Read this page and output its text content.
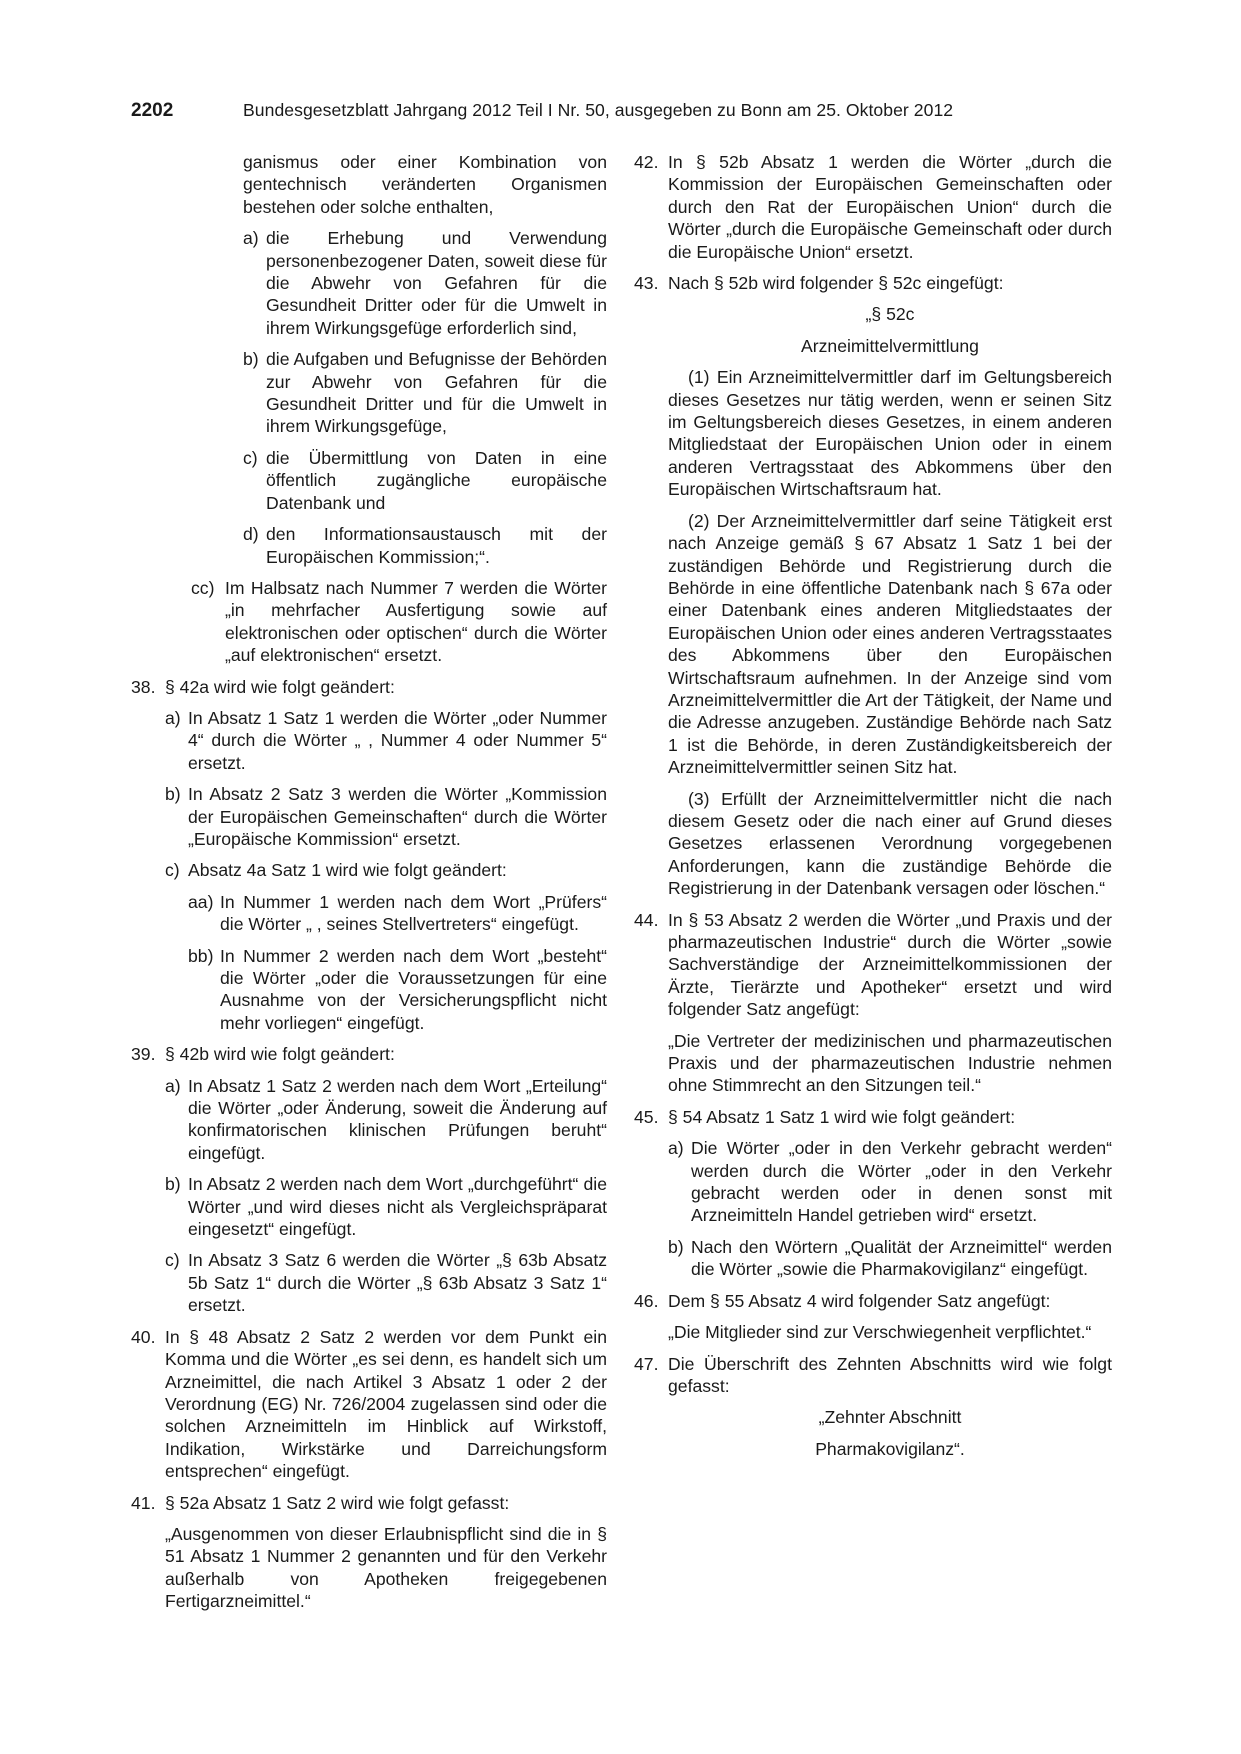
2202	Bundesgesetzblatt Jahrgang 2012 Teil I Nr. 50, ausgegeben zu Bonn am 25. Oktober 2012

ganismus oder einer Kombination von gentechnisch veränderten Organismen bestehen oder solche enthalten,

a) die Erhebung und Verwendung personenbezogener Daten, soweit diese für die Abwehr von Gefahren für die Gesundheit Dritter oder für die Umwelt in ihrem Wirkungsgefüge erforderlich sind,
b) die Aufgaben und Befugnisse der Behörden zur Abwehr von Gefahren für die Gesundheit Dritter und für die Umwelt in ihrem Wirkungsgefüge,
c) die Übermittlung von Daten in eine öffentlich zugängliche europäische Datenbank und
d) den Informationsaustausch mit der Europäischen Kommission;“.
cc) Im Halbsatz nach Nummer 7 werden die Wörter „in mehrfacher Ausfertigung sowie auf elektronischen oder optischen“ durch die Wörter „auf elektronischen“ ersetzt.
38. § 42a wird wie folgt geändert:
a) In Absatz 1 Satz 1 werden die Wörter „oder Nummer 4“ durch die Wörter „ , Nummer 4 oder Nummer 5“ ersetzt.
b) In Absatz 2 Satz 3 werden die Wörter „Kommission der Europäischen Gemeinschaften“ durch die Wörter „Europäische Kommission“ ersetzt.
c) Absatz 4a Satz 1 wird wie folgt geändert:
aa) In Nummer 1 werden nach dem Wort „Prüfers“ die Wörter „ , seines Stellvertreters“ eingefügt.
bb) In Nummer 2 werden nach dem Wort „besteht“ die Wörter „oder die Voraussetzungen für eine Ausnahme von der Versicherungspflicht nicht mehr vorliegen“ eingefügt.
39. § 42b wird wie folgt geändert:
a) In Absatz 1 Satz 2 werden nach dem Wort „Erteilung“ die Wörter „oder Änderung, soweit die Änderung auf konfirmatorischen klinischen Prüfungen beruht“ eingefügt.
b) In Absatz 2 werden nach dem Wort „durchgeführt“ die Wörter „und wird dieses nicht als Vergleichspräparat eingesetzt“ eingefügt.
c) In Absatz 3 Satz 6 werden die Wörter „§ 63b Absatz 5b Satz 1“ durch die Wörter „§ 63b Absatz 3 Satz 1“ ersetzt.
40. In § 48 Absatz 2 Satz 2 werden vor dem Punkt ein Komma und die Wörter „es sei denn, es handelt sich um Arzneimittel, die nach Artikel 3 Absatz 1 oder 2 der Verordnung (EG) Nr. 726/2004 zugelassen sind oder die solchen Arzneimitteln im Hinblick auf Wirkstoff, Indikation, Wirkstärke und Darreichungsform entsprechen“ eingefügt.
41. § 52a Absatz 1 Satz 2 wird wie folgt gefasst:

„Ausgenommen von dieser Erlaubnispflicht sind die in § 51 Absatz 1 Nummer 2 genannten und für den Verkehr außerhalb von Apotheken freigegebenen Fertigarzneimittel.“

42. In § 52b Absatz 1 werden die Wörter „durch die Kommission der Europäischen Gemeinschaften oder durch den Rat der Europäischen Union“ durch die Wörter „durch die Europäische Gemeinschaft oder durch die Europäische Union“ ersetzt.
43. Nach § 52b wird folgender § 52c eingefügt:

„§ 52c

Arzneimittelvermittlung

(1) Ein Arzneimittelvermittler darf im Geltungsbereich dieses Gesetzes nur tätig werden, wenn er seinen Sitz im Geltungsbereich dieses Gesetzes, in einem anderen Mitgliedstaat der Europäischen Union oder in einem anderen Vertragsstaat des Abkommens über den Europäischen Wirtschaftsraum hat.

(2) Der Arzneimittelvermittler darf seine Tätigkeit erst nach Anzeige gemäß § 67 Absatz 1 Satz 1 bei der zuständigen Behörde und Registrierung durch die Behörde in eine öffentliche Datenbank nach § 67a oder einer Datenbank eines anderen Mitgliedstaates der Europäischen Union oder eines anderen Vertragsstaates des Abkommens über den Europäischen Wirtschaftsraum aufnehmen. In der Anzeige sind vom Arzneimittelvermittler die Art der Tätigkeit, der Name und die Adresse anzugeben. Zuständige Behörde nach Satz 1 ist die Behörde, in deren Zuständigkeitsbereich der Arzneimittelvermittler seinen Sitz hat.

(3) Erfüllt der Arzneimittelvermittler nicht die nach diesem Gesetz oder die nach einer auf Grund dieses Gesetzes erlassenen Verordnung vorgegebenen Anforderungen, kann die zuständige Behörde die Registrierung in der Datenbank versagen oder löschen.“

44. In § 53 Absatz 2 werden die Wörter „und Praxis und der pharmazeutischen Industrie“ durch die Wörter „sowie Sachverständige der Arzneimittelkommissionen der Ärzte, Tierärzte und Apotheker“ ersetzt und wird folgender Satz angefügt:

„Die Vertreter der medizinischen und pharmazeutischen Praxis und der pharmazeutischen Industrie nehmen ohne Stimmrecht an den Sitzungen teil.“

45. § 54 Absatz 1 Satz 1 wird wie folgt geändert:
a) Die Wörter „oder in den Verkehr gebracht werden“ werden durch die Wörter „oder in den Verkehr gebracht werden oder in denen sonst mit Arzneimitteln Handel getrieben wird“ ersetzt.
b) Nach den Wörtern „Qualität der Arzneimittel“ werden die Wörter „sowie die Pharmakovigilanz“ eingefügt.
46. Dem § 55 Absatz 4 wird folgender Satz angefügt:

„Die Mitglieder sind zur Verschwiegenheit verpflichtet.“

47. Die Überschrift des Zehnten Abschnitts wird wie folgt gefasst:

„Zehnter Abschnitt

Pharmakovigilanz“.
